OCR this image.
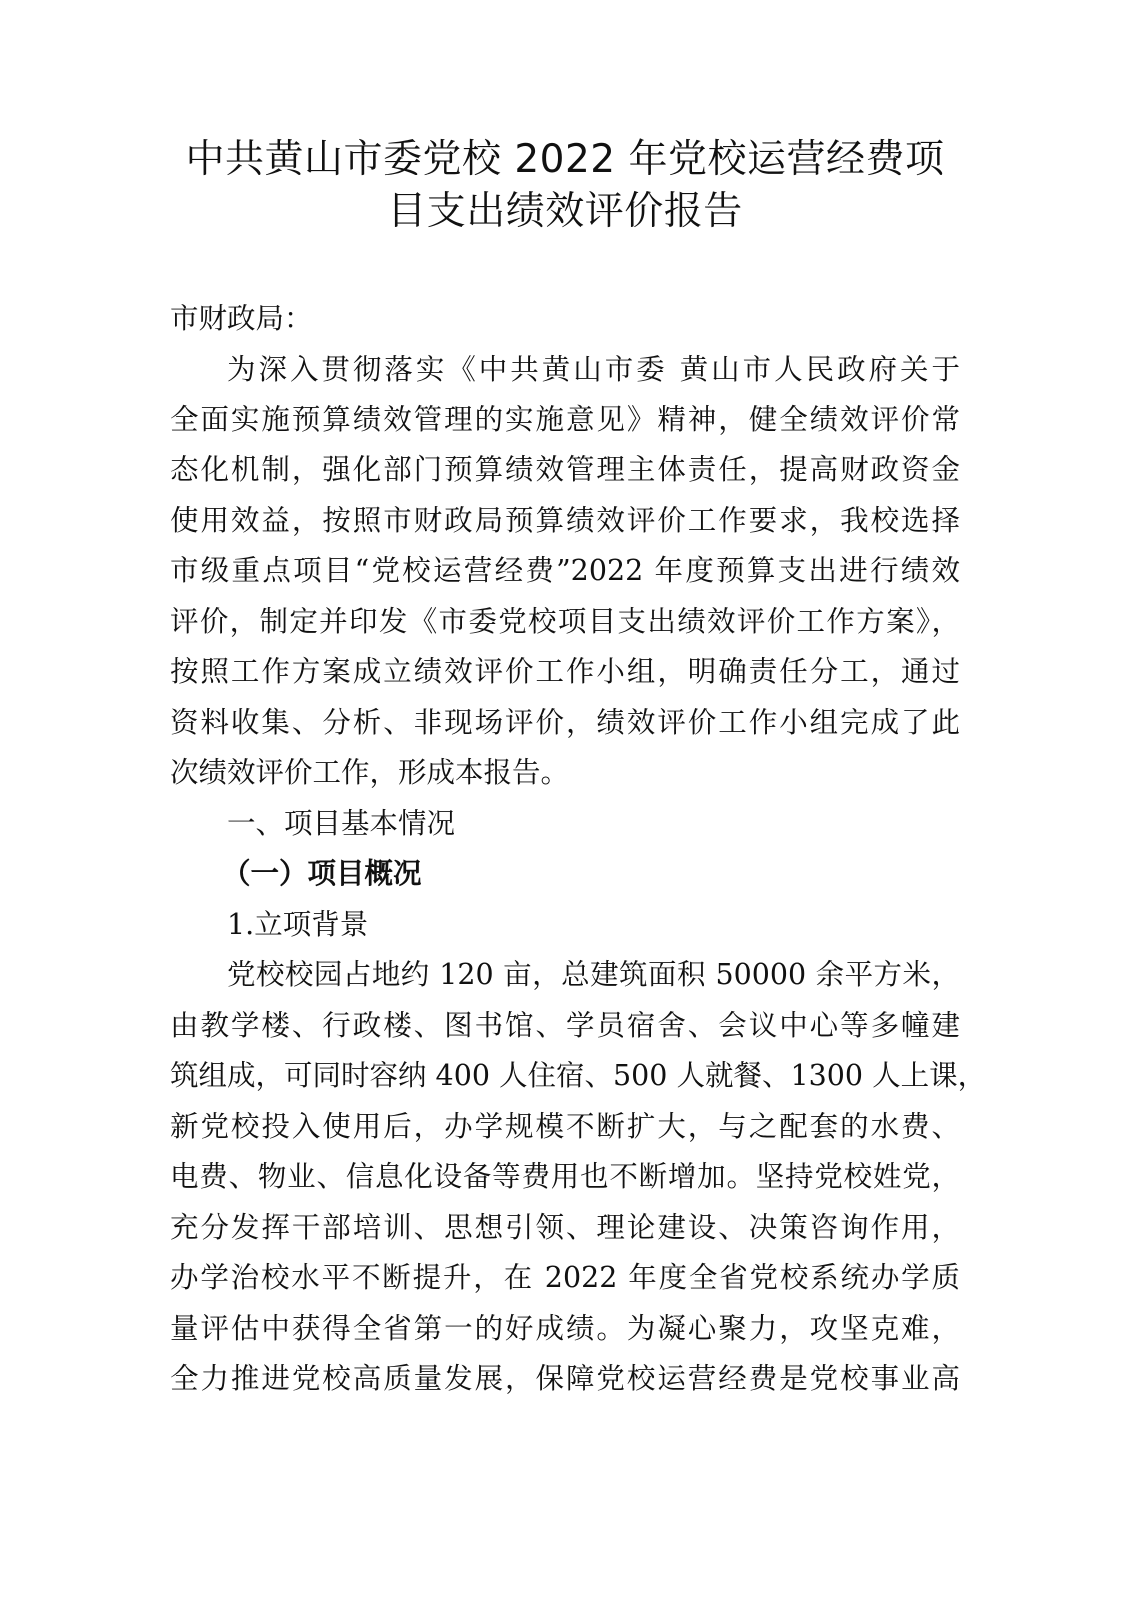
中共黄山市委党校 2022 年党校运营经费项
目支出绩效评价报告

市财政局：

为深入贯彻落实《中共黄山市委 黄山市人民政府关于

全面实施预算绩效管理的实施意见》精神，健全绩效评价常

态化机制，强化部门预算绩效管理主体责任，提高财政资金

使用效益，按照市财政局预算绩效评价工作要求，我校选择

市级重点项目“党校运营经费”2022 年度预算支出进行绩效

评价，制定并印发《市委党校项目支出绩效评价工作方案》，

按照工作方案成立绩效评价工作小组，明确责任分工，通过

资料收集、分析、非现场评价，绩效评价工作小组完成了此

次绩效评价工作，形成本报告。

一、项目基本情况

（一）项目概况

1.立项背景

党校校园占地约 120 亩，总建筑面积 50000 余平方米，

由教学楼、行政楼、图书馆、学员宿舍、会议中心等多幢建

筑组成，可同时容纳 400 人住宿、500 人就餐、1300 人上课，

新党校投入使用后，办学规模不断扩大，与之配套的水费、

电费、物业、信息化设备等费用也不断增加。坚持党校姓党，

充分发挥干部培训、思想引领、理论建设、决策咨询作用，

办学治校水平不断提升，在 2022 年度全省党校系统办学质

量评估中获得全省第一的好成绩。为凝心聚力，攻坚克难，

全力推进党校高质量发展，保障党校运营经费是党校事业高
